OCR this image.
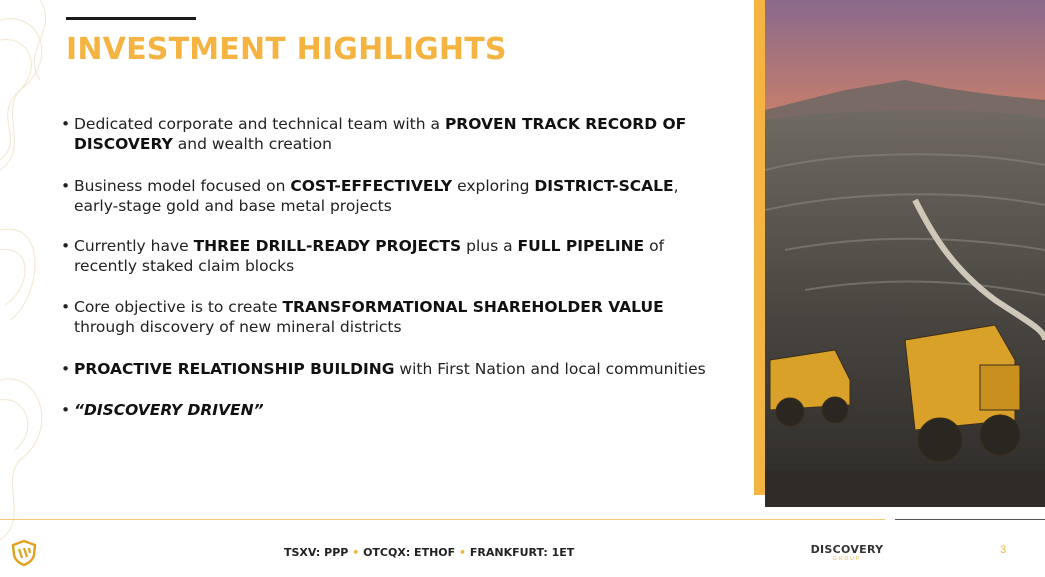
INVESTMENT HIGHLIGHTS
• Dedicated corporate and technical team with a PROVEN TRACK RECORD OF DISCOVERY and wealth creation
• Business model focused on COST-EFFECTIVELY exploring DISTRICT-SCALE, early-stage gold and base metal projects
• Currently have THREE DRILL-READY PROJECTS plus a FULL PIPELINE of recently staked claim blocks
• Core objective is to create TRANSFORMATIONAL SHAREHOLDER VALUE through discovery of new mineral districts
• PROACTIVE RELATIONSHIP BUILDING with First Nation and local communities
• “DISCOVERY DRIVEN”
TSXV: PPP • OTCQX: ETHOF • FRANKFURT: 1ET	DISCOVERY
GROUP
3
